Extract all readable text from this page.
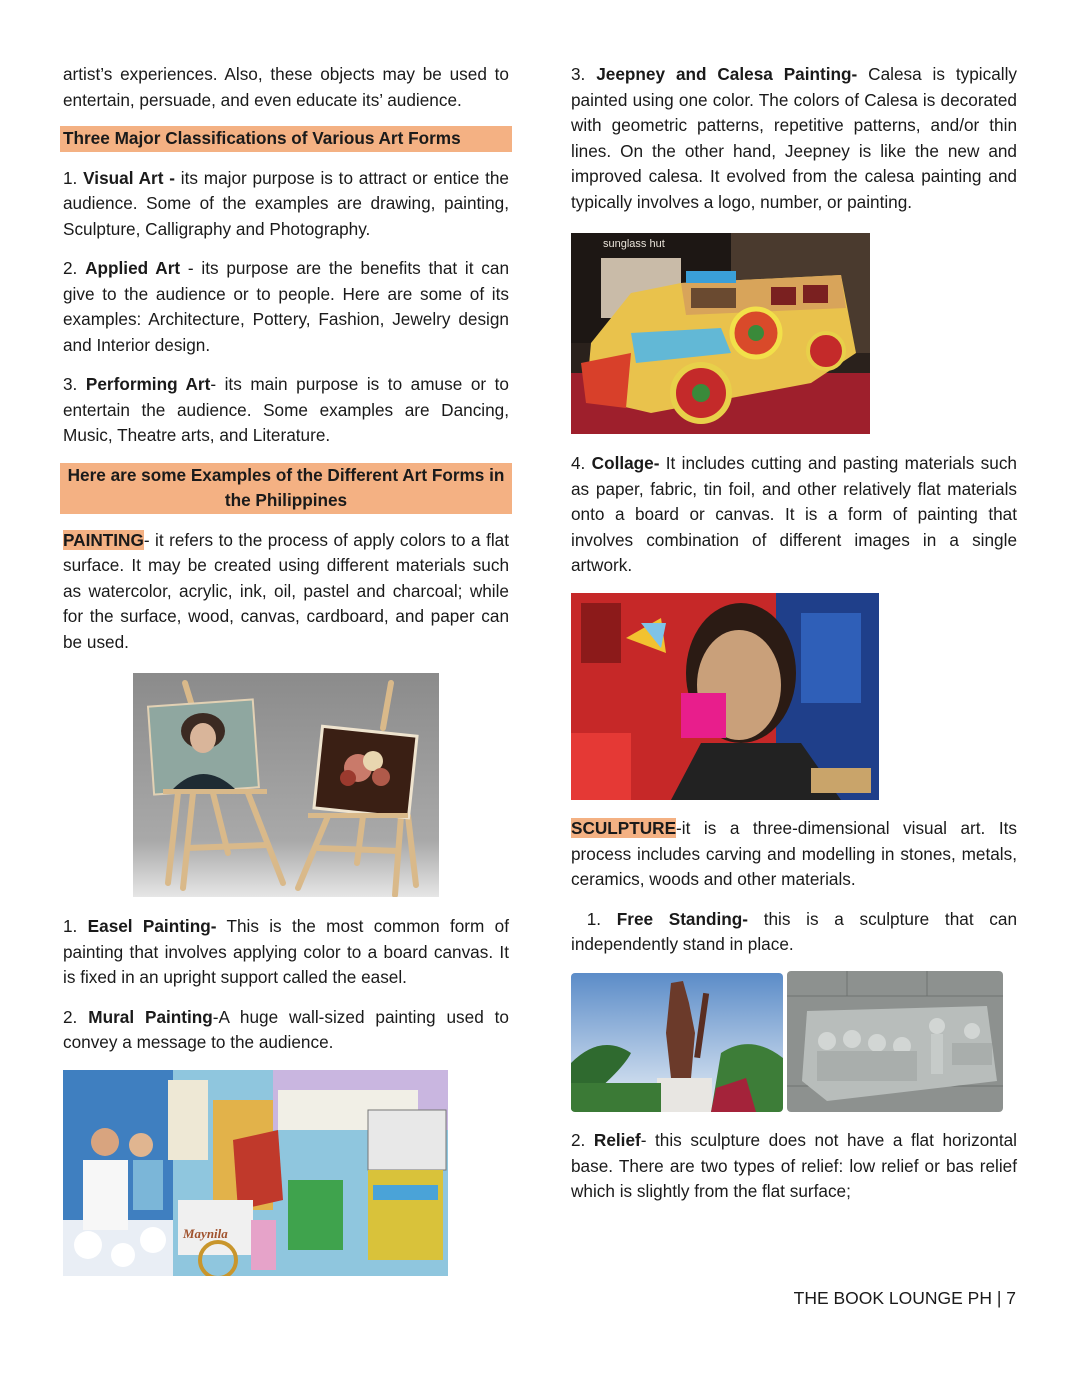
artist’s experiences. Also, these objects may be used to entertain, persuade, and even educate its’ audience.

Three Major Classifications of Various Art Forms

1. Visual Art - its major purpose is to attract or entice the audience. Some of the examples are drawing, painting, Sculpture, Calligraphy and Photography.

2. Applied Art - its purpose are the benefits that it can give to the audience or to people. Here are some of its examples: Architecture, Pottery, Fashion, Jewelry design and Interior design.

3. Performing Art- its main purpose is to amuse or to entertain the audience. Some examples are Dancing, Music, Theatre arts, and Literature.

Here are some Examples of the Different Art Forms in the Philippines

PAINTING- it refers to the process of apply colors to a flat surface. It may be created using different materials such as watercolor, acrylic, ink, oil, pastel and charcoal; while for the surface, wood, canvas, cardboard, and paper can be used.

1. Easel Painting- This is the most common form of painting that involves applying color to a board canvas. It is fixed in an upright support called the easel.

2. Mural Painting-A huge wall-sized painting used to convey a message to the audience.

Maynila

3. Jeepney and Calesa Painting- Calesa is typically painted using one color. The colors of Calesa is decorated with geometric patterns, repetitive patterns, and/or thin lines. On the other hand, Jeepney is like the new and improved calesa. It evolved from the calesa painting and typically involves a logo, number, or painting.

sunglass hut

4. Collage- It includes cutting and pasting materials such as paper, fabric, tin foil, and other relatively flat materials onto a board or canvas. It is a form of painting that involves combination of different images in a single artwork.

SCULPTURE-it is a three-dimensional visual art. Its process includes carving and modelling in stones, metals, ceramics, woods and other materials.

1. Free Standing- this is a sculpture that can independently stand in place.

2. Relief- this sculpture does not have a flat horizontal base. There are two types of relief: low relief or bas relief which is slightly from the flat surface;

THE BOOK LOUNGE PH | 7
